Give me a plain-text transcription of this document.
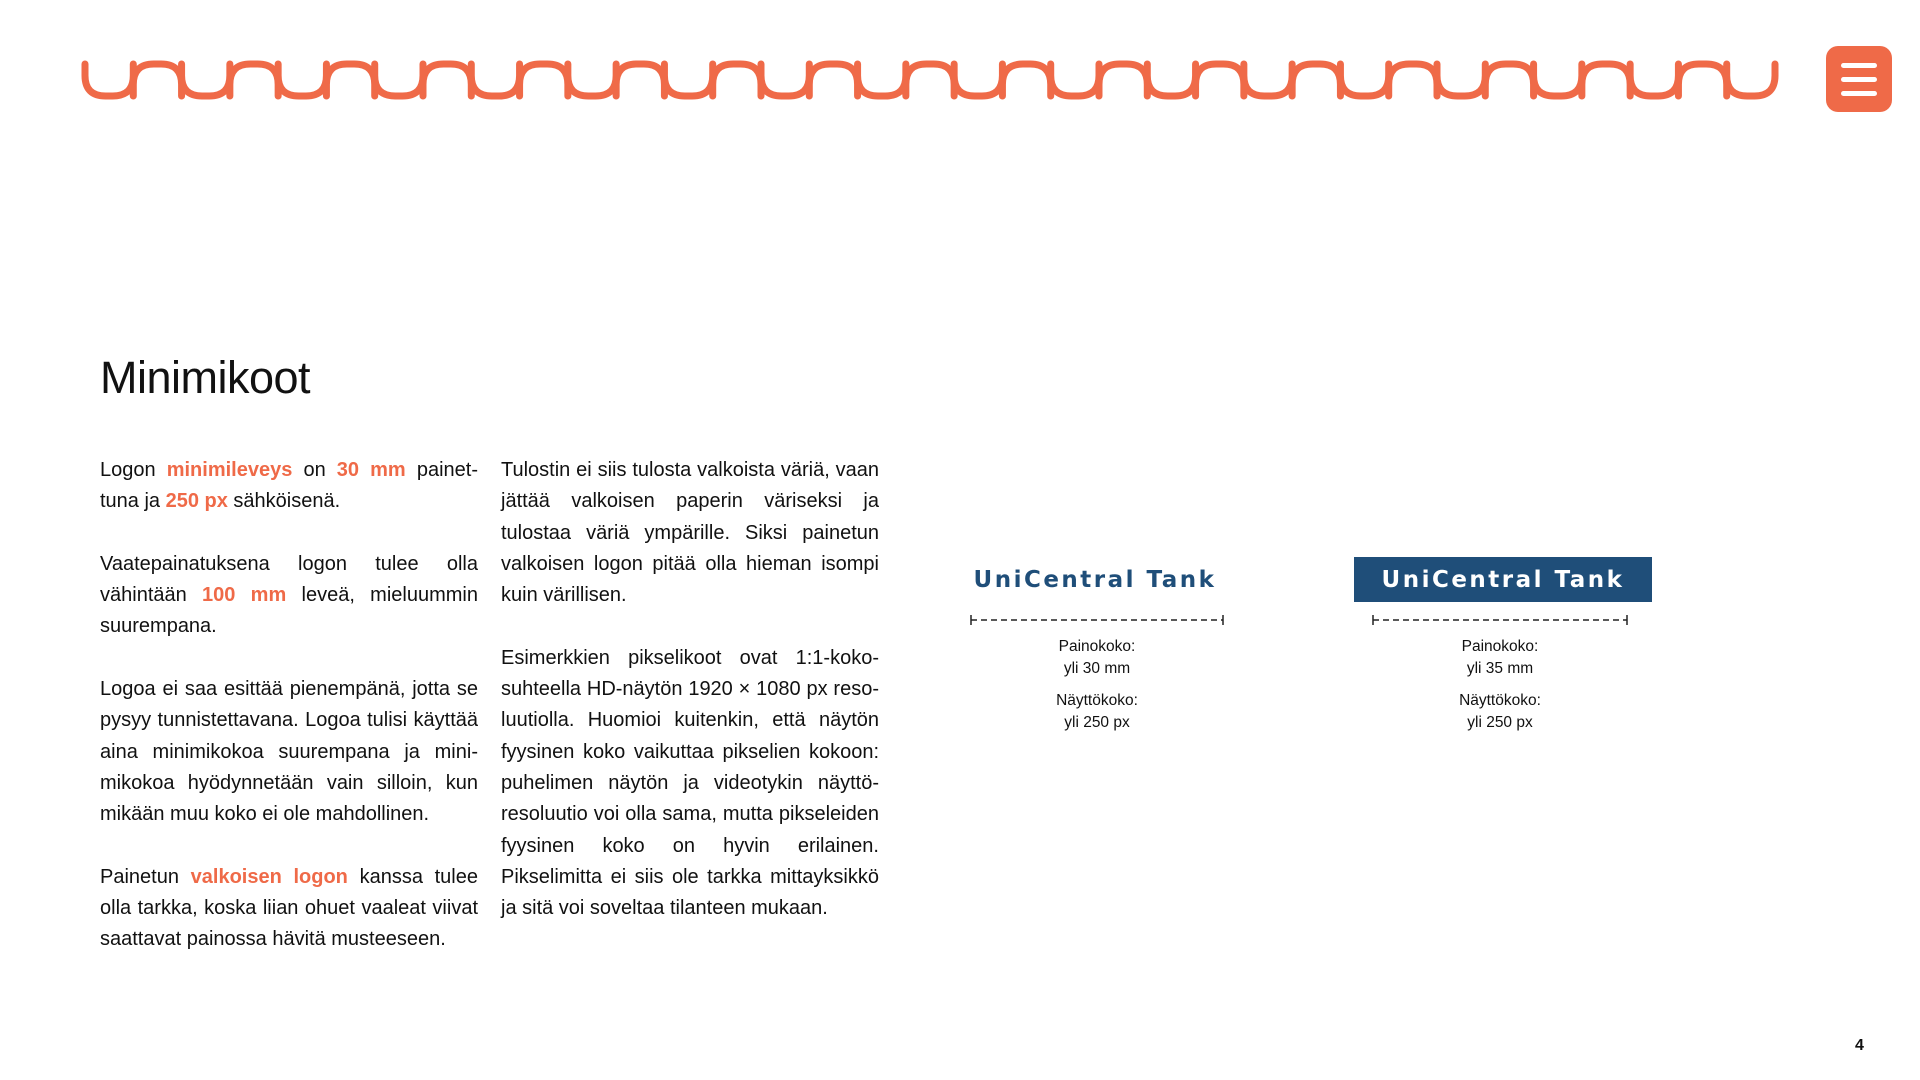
Minimikoot

Logon minimileveys on 30 mm painettuna ja 250 px sähköisenä.

Vaatepainatuksena logon tulee olla vähintään 100 mm leveä, mieluummin suurempana.

Logoa ei saa esittää pienempänä, jotta se pysyy tunnistettavana. Logoa tulisi käyttää aina minimikokoa suurempana ja minimikokoa hyödynnetään vain silloin, kun mikään muu koko ei ole mahdollinen.

Painetun valkoisen logon kanssa tulee olla tarkka, koska liian ohuet vaaleat viivat saattavat painossa hävitä musteeseen.

Tulostin ei siis tulosta valkoista väriä, vaan jättää valkoisen paperin väriseksi ja tulostaa väriä ympärille. Siksi painetun valkoisen logon pitää olla hieman isompi kuin värillisen.

Esimerkkien pikselikoot ovat 1:1-kokosuhteella HD-näytön 1920 × 1080 px resoluutiolla. Huomioi kuitenkin, että näytön fyysinen koko vaikuttaa pikselien kokoon: puhelimen näytön ja videotykin näyttöresoluutio voi olla sama, mutta pikseleiden fyysinen koko on hyvin erilainen. Pikselimitta ei siis ole tarkka mittayksikkö ja sitä voi soveltaa tilanteen mukaan.

UniCentral Tank
Painokoko:
yli 30 mm
Näyttökoko:
yli 250 px
UniCentral Tank
Painokoko:
yli 35 mm
Näyttökoko:
yli 250 px
4
